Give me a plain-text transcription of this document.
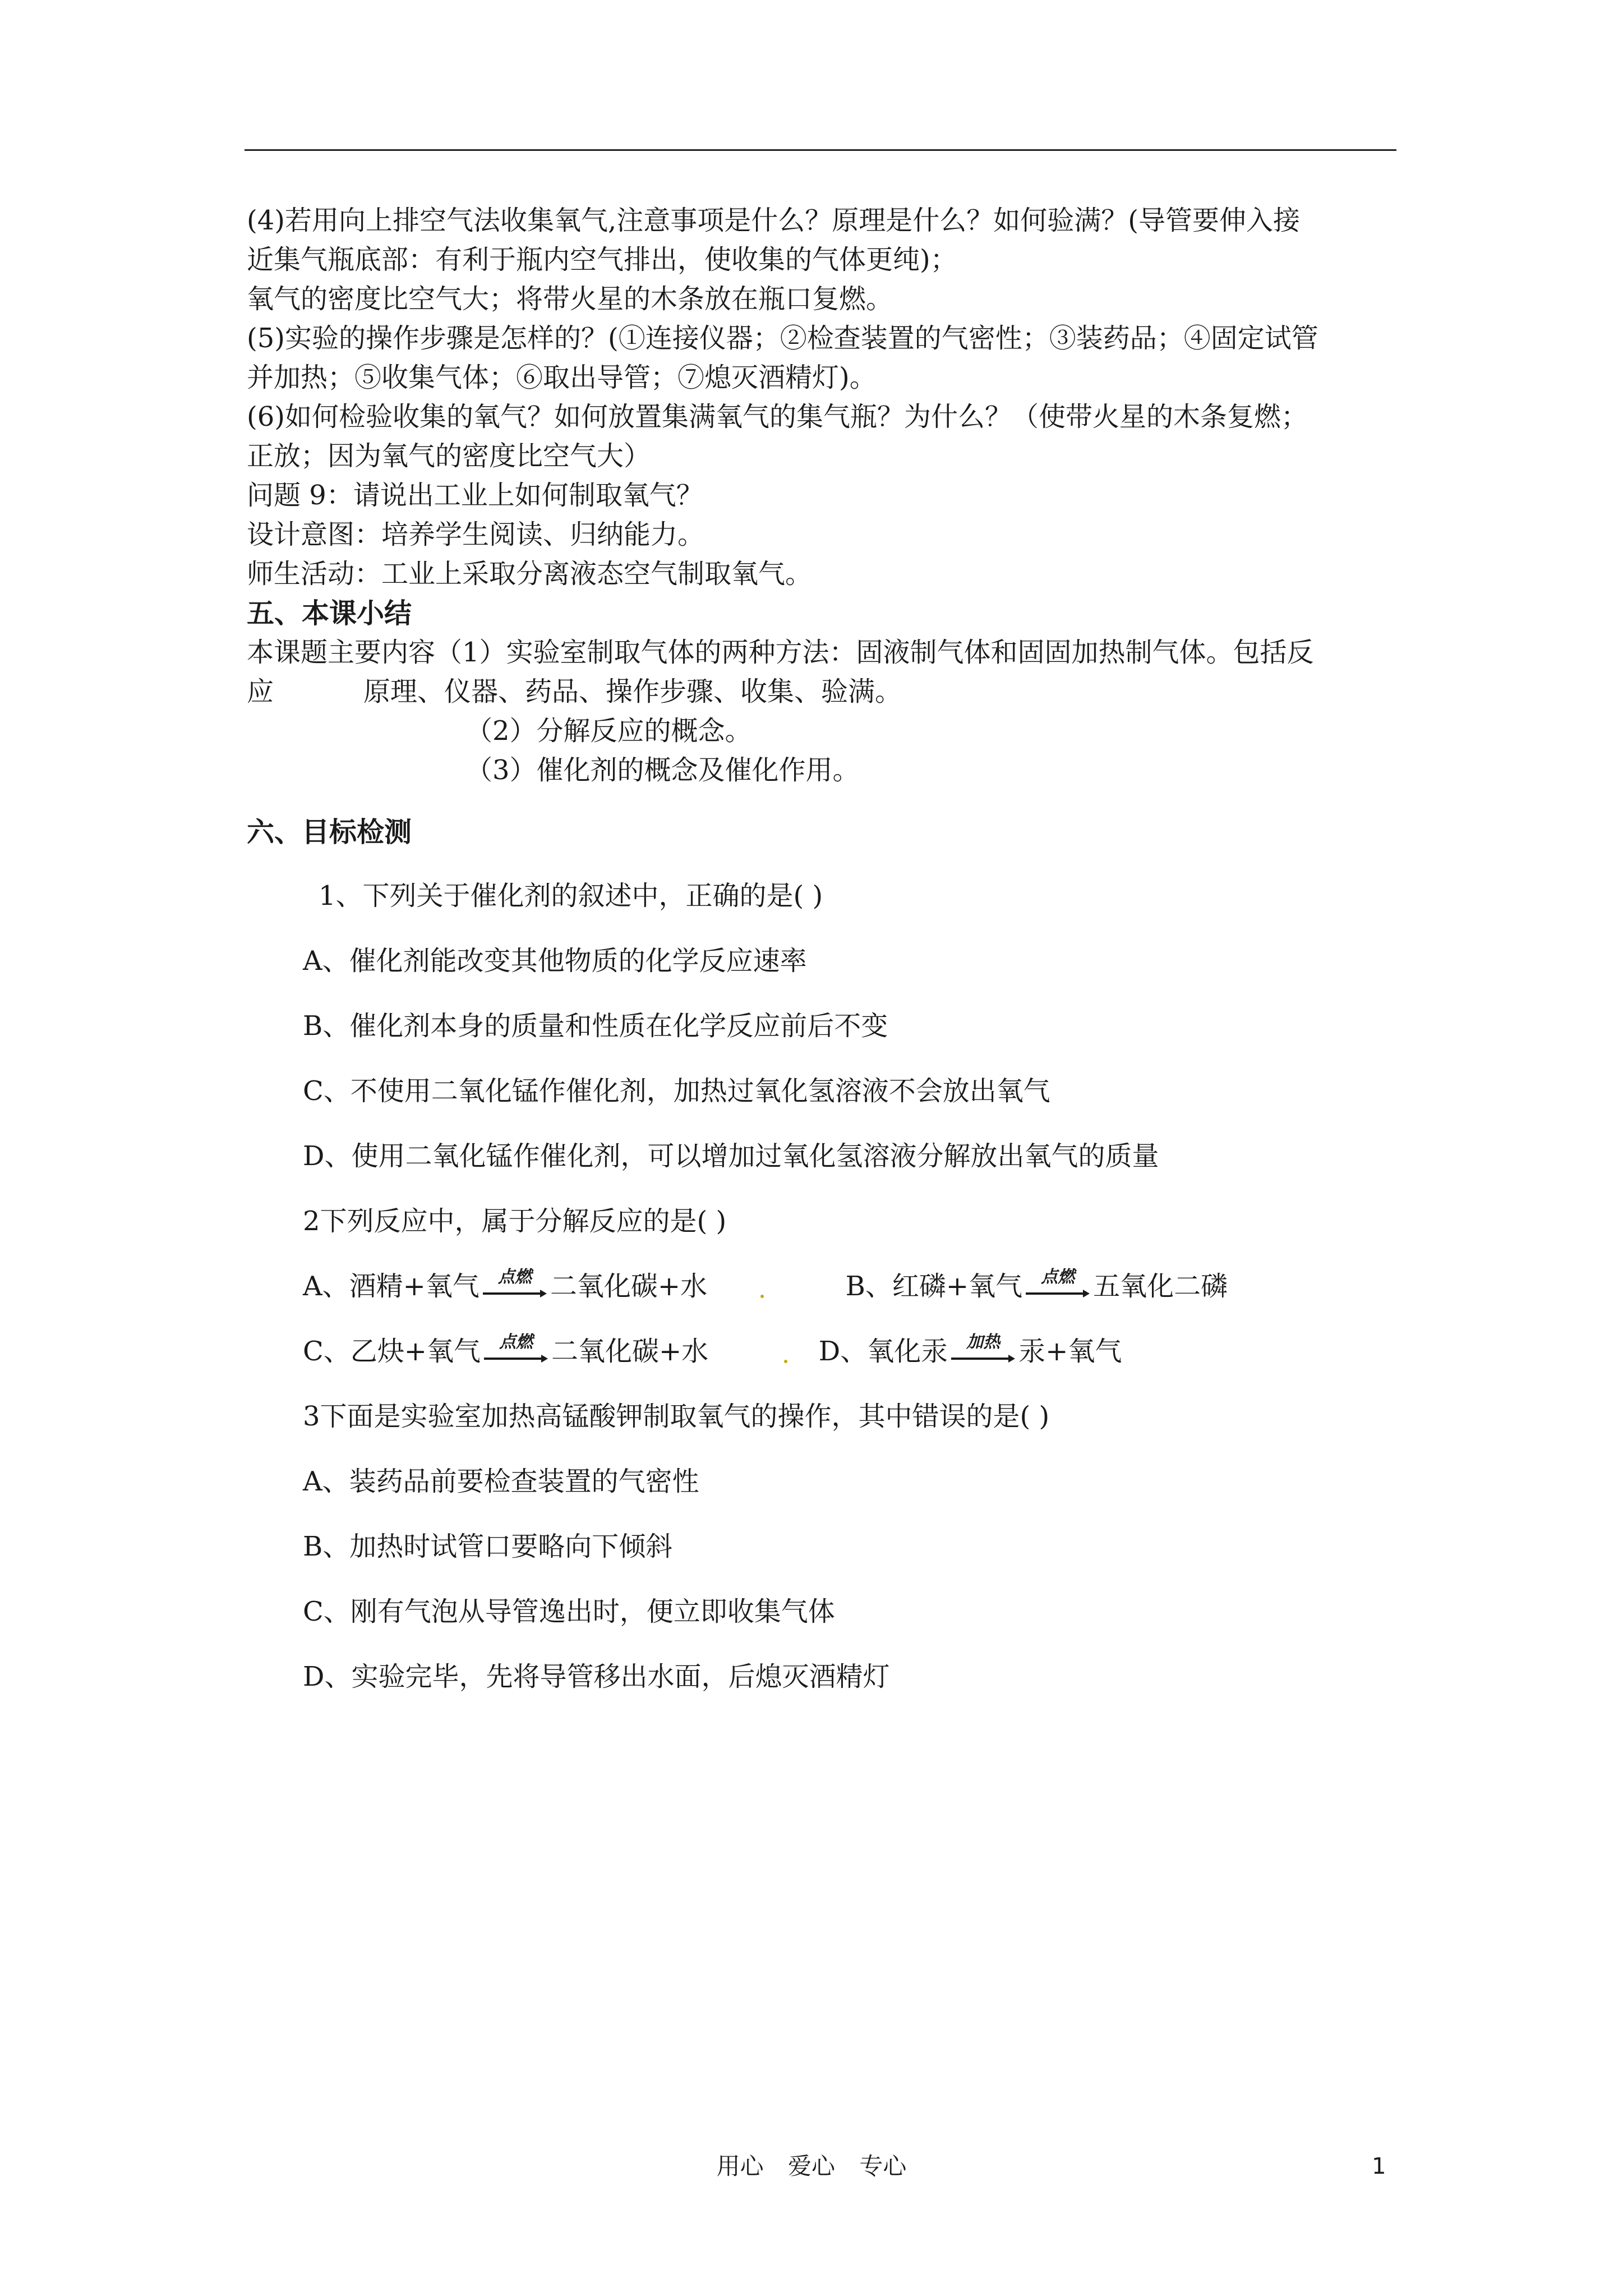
(4)若用向上排空气法收集氧气,注意事项是什么？原理是什么？如何验满？(导管要伸入接
近集气瓶底部：有利于瓶内空气排出，使收集的气体更纯)；
氧气的密度比空气大；将带火星的木条放在瓶口复燃。
(5)实验的操作步骤是怎样的？(①连接仪器；②检查装置的气密性；③装药品；④固定试管
并加热；⑤收集气体；⑥取出导管；⑦熄灭酒精灯)。
(6)如何检验收集的氧气？如何放置集满氧气的集气瓶？为什么？（使带火星的木条复燃；
正放；因为氧气的密度比空气大）
问题 9：请说出工业上如何制取氧气？
设计意图：培养学生阅读、归纳能力。
师生活动：工业上采取分离液态空气制取氧气。
五、本课小结
本课题主要内容（1）实验室制取气体的两种方法：固液制气体和固固加热制气体。包括反
应	原理、仪器、药品、操作步骤、收集、验满。
（2）分解反应的概念。
（3）催化剂的概念及催化作用。
六、目标检测
1、下列关于催化剂的叙述中，正确的是( )
A、催化剂能改变其他物质的化学反应速率
B、催化剂本身的质量和性质在化学反应前后不变
C、不使用二氧化锰作催化剂，加热过氧化氢溶液不会放出氧气
D、使用二氧化锰作催化剂，可以增加过氧化氢溶液分解放出氧气的质量
2下列反应中，属于分解反应的是( )
A、酒精+氧气	点燃 二氧化碳+水
	B、红磷+氧气	点燃 五氧化二磷
C、乙炔+氧气	点燃 二氧化碳+水
	D、氧化汞	加热 汞+氧气
3下面是实验室加热高锰酸钾制取氧气的操作，其中错误的是( )
A、装药品前要检查装置的气密性
B、加热时试管口要略向下倾斜
C、刚有气泡从导管逸出时，便立即收集气体
D、实验完毕，先将导管移出水面，后熄灭酒精灯
用心 爱心 专心	1
